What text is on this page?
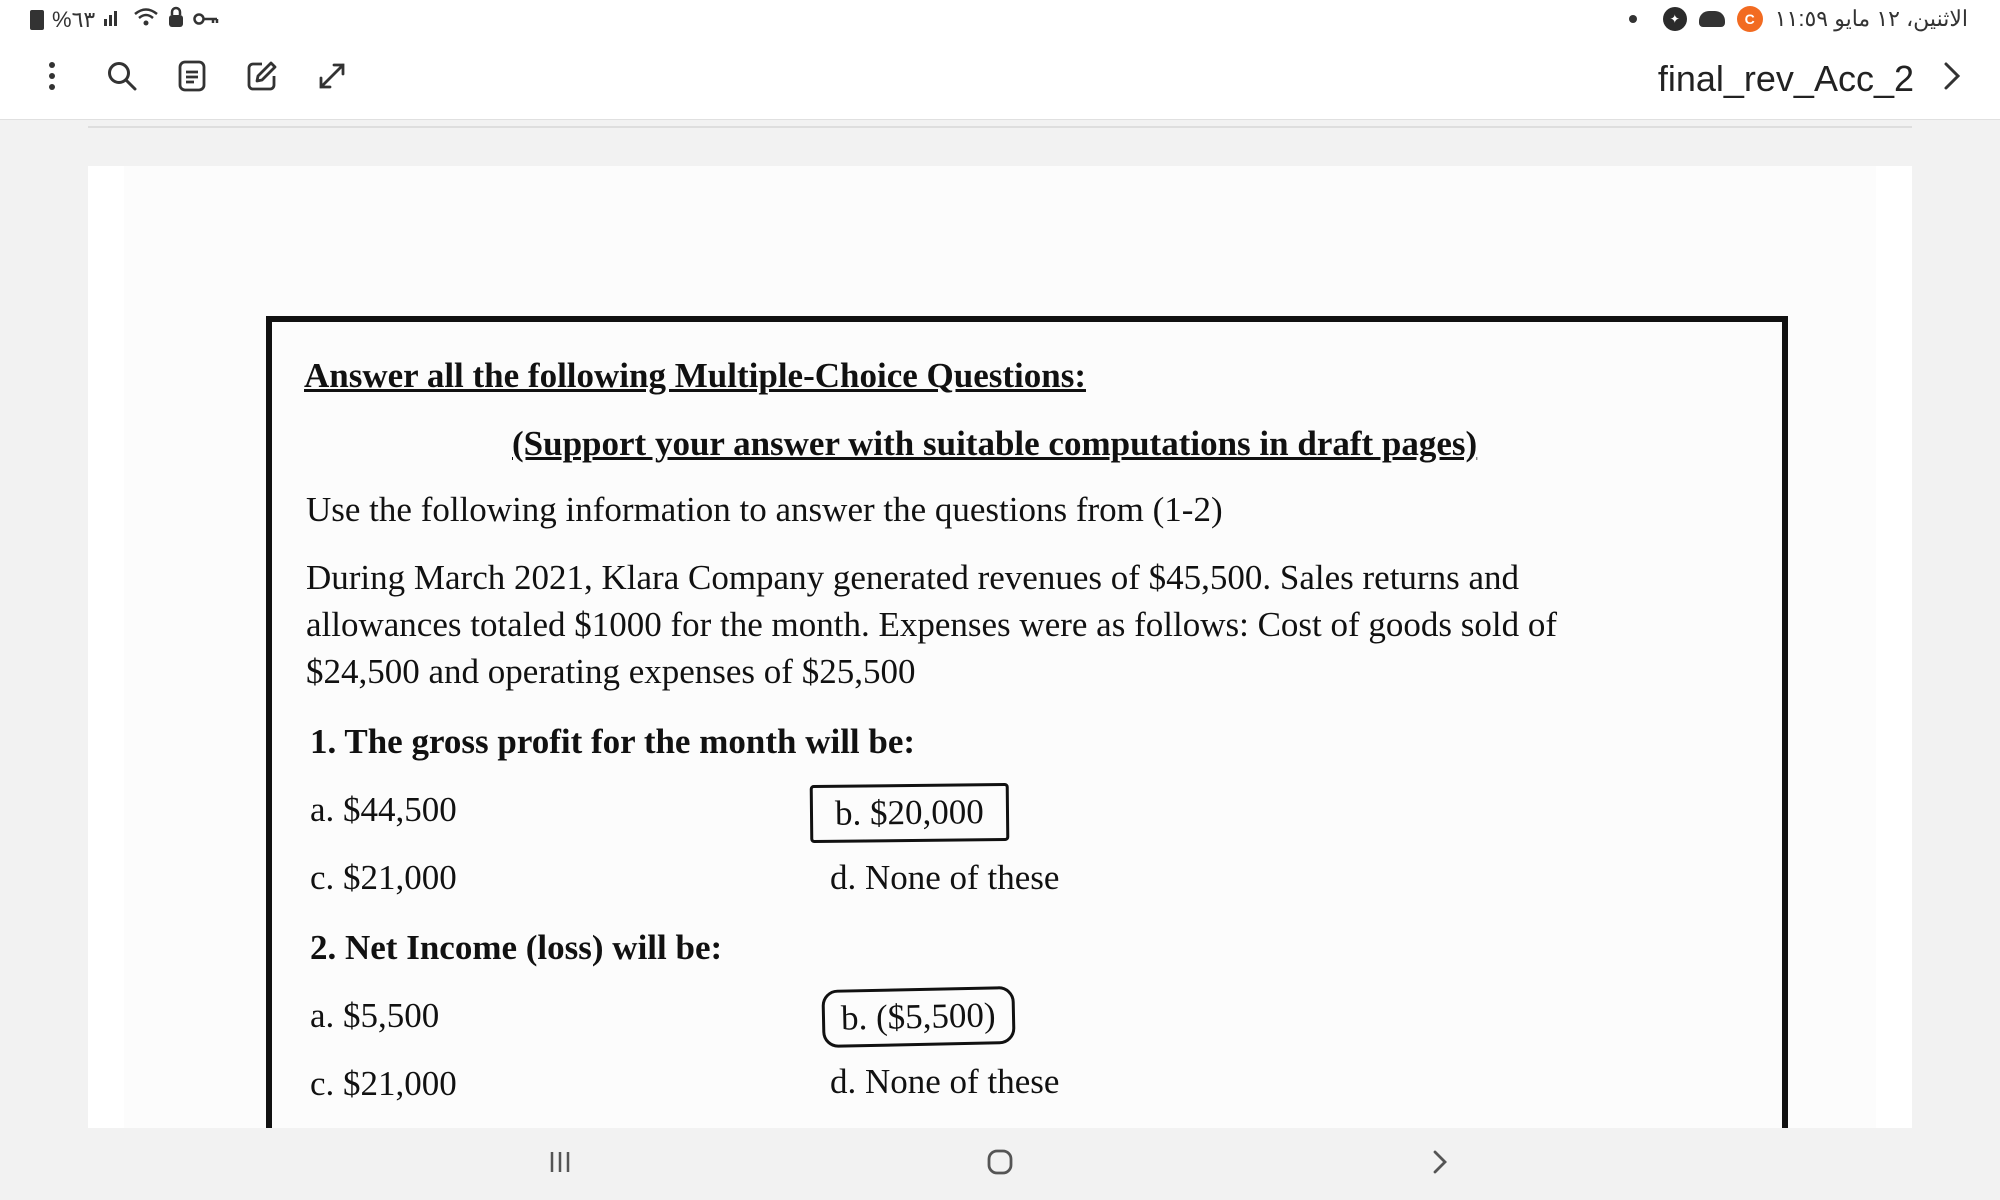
%٦٣	✦	C الاثنين، ١٢ مايو ١١:٥٩
final_rev_Acc_2
Answer all the following Multiple-Choice Questions:
(Support your answer with suitable computations in draft pages)
Use the following information to answer the questions from (1-2)
During March 2021, Klara Company generated revenues of $45,500. Sales returns and
allowances totaled $1000 for the month. Expenses were as follows: Cost of goods sold of
$24,500 and operating expenses of $25,500
1. The gross profit for the month will be:
a. $44,500	b. $20,000
c. $21,000	d. None of these
2. Net Income (loss) will be:
a. $5,500	b. ($5,500)
c. $21,000	d. None of these
